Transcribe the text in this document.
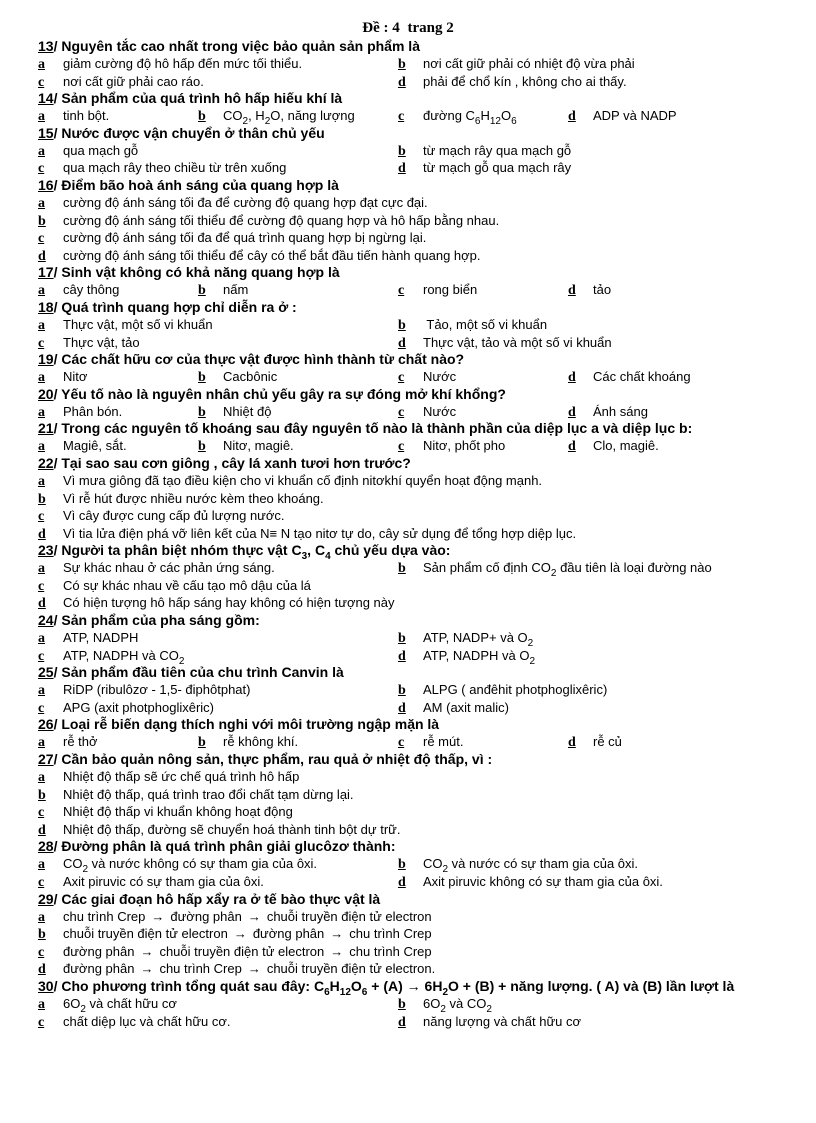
Đề : 4 trang 2
13/ Nguyên tắc cao nhất trong việc bảo quản sản phẩm là
a giảm cường độ hô hấp đến mức tối thiểu.	b nơi cất giữ phải có nhiệt độ vừa phải
c nơi cất giữ phải cao ráo.	d phải để chổ kín , không cho ai thấy.
14/ Sản phẩm của quá trình hô hấp hiếu khí là
a tinh bột.	b $CO_2$, $H_2O$, năng lượng	c đường $C_6H_{12}O_6$	d ADP và NADP
15/ Nước được vận chuyển ở thân chủ yếu
a qua mạch gỗ	b từ mạch rây qua mạch gỗ
c qua mạch rây theo chiều từ trên xuống	d từ mạch gỗ qua mạch rây
16/ Điểm bão hoà ánh sáng của quang hợp là
a cường độ ánh sáng tối đa để cường độ quang hợp đạt cực đại.
b cường độ ánh sáng tối thiểu để cường độ quang hợp và hô hấp bằng nhau.
c cường độ ánh sáng tối đa để quá trình quang hợp bị ngừng lại.
d cường độ ánh sáng tối thiểu để cây có thể bắt đầu tiến hành quang hợp.
17/ Sinh vật không có khả năng quang hợp là
a cây thông	b nấm	c rong biển	d tảo
18/ Quá trình quang hợp chỉ diễn ra ở :
a Thực vật, một số vi khuẩn	b Tảo, một số vi khuẩn
c Thực vật, tảo	d Thực vật, tảo và một số vi khuẩn
19/ Các chất hữu cơ của thực vật được hình thành từ chất nào?
a Nitơ	b Cacbônic	c Nước	d Các chất khoáng
20/ Yếu tố nào là nguyên nhân chủ yếu gây ra sự đóng mở khí khổng?
a Phân bón.	b Nhiệt độ	c Nước	d Ánh sáng
21/ Trong các nguyên tố khoáng sau đây nguyên tố nào là thành phần của diệp lục a và diệp lục b:
a Magiê, sắt.	b Nitơ, magiê.	c Nitơ, phốt pho	d Clo, magiê.
22/ Tại sao sau cơn giông , cây lá xanh tươi hơn trước?
a Vì mưa giông đã tạo điều kiện cho vi khuẩn cố định nitơkhí quyển hoạt động mạnh.
b Vì rễ hút được nhiều nước kèm theo khoáng.
c Vì cây được cung cấp đủ lượng nước.
d Vì tia lửa điện phá vỡ liên kết của N≡ N tạo nitơ tự do, cây sử dụng để tổng hợp diệp lục.
23/ Người ta phân biệt nhóm thực vật $C_3$, $C_4$ chủ yếu dựa vào:
a Sự khác nhau ở các phản ứng sáng.	b Sản phẩm cố định $CO_2$ đầu tiên là loại đường nào
c Có sự khác nhau về cấu tạo mô dậu của lá
d Có hiện tượng hô hấp sáng hay không có hiện tượng này
24/ Sản phẩm của pha sáng gồm:
a ATP, NADPH	b ATP, NADP+ và $O_2$
c ATP, NADPH và $CO_2$	d ATP, NADPH và $O_2$
25/ Sản phẩm đầu tiên của chu trình Canvin là
a RiDP (ribulôzơ - 1,5- điphôtphat)	b ALPG ( anđêhit photphoglixêric)
c APG (axit photphoglixêric)	d AM (axit malic)
26/ Loại rễ biến dạng thích nghi với môi trường ngập mặn là
a rễ thở	b rễ không khí.	c rễ mút.	d rễ củ
27/ Cần bảo quản nông sản, thực phẩm, rau quả ở nhiệt độ thấp, vì :
a Nhiệt độ thấp sẽ ức chế quá trình hô hấp
b Nhiệt độ thấp, quá trình trao đổi chất tạm dừng lại.
c Nhiệt độ thấp vi khuẩn không hoạt động
d Nhiệt độ thấp, đường sẽ chuyển hoá thành tinh bột dự trữ.
28/ Đường phân là quá trình phân giải glucôzơ thành:
a $CO_2$ và nước không có sự tham gia của ôxi.	b $CO_2$ và nước có sự tham gia của ôxi.
c Axit piruvic có sự tham gia của ôxi.	d Axit piruvic không có sự tham gia của ôxi.
29/ Các giai đoạn hô hấp xẩy ra ở tế bào thực vật là
a chu trình Crep → đường phân → chuỗi truyền điện tử electron
b chuỗi truyền điện tử electron → đường phân → chu trình Crep
c đường phân → chuỗi truyền điện tử electron → chu trình Crep
d đường phân → chu trình Crep → chuỗi truyền điện tử electron.
30/ Cho phương trình tổng quát sau đây: $C_6H_{12}O_6 + (A) \to 6H_2O + (B)$ + năng lượng. ( A) và (B) lần lượt là
a $6O_2$ và chất hữu cơ	b $6O_2$ và $CO_2$
c chất diệp lục và chất hữu cơ.	d năng lượng và chất hữu cơ
